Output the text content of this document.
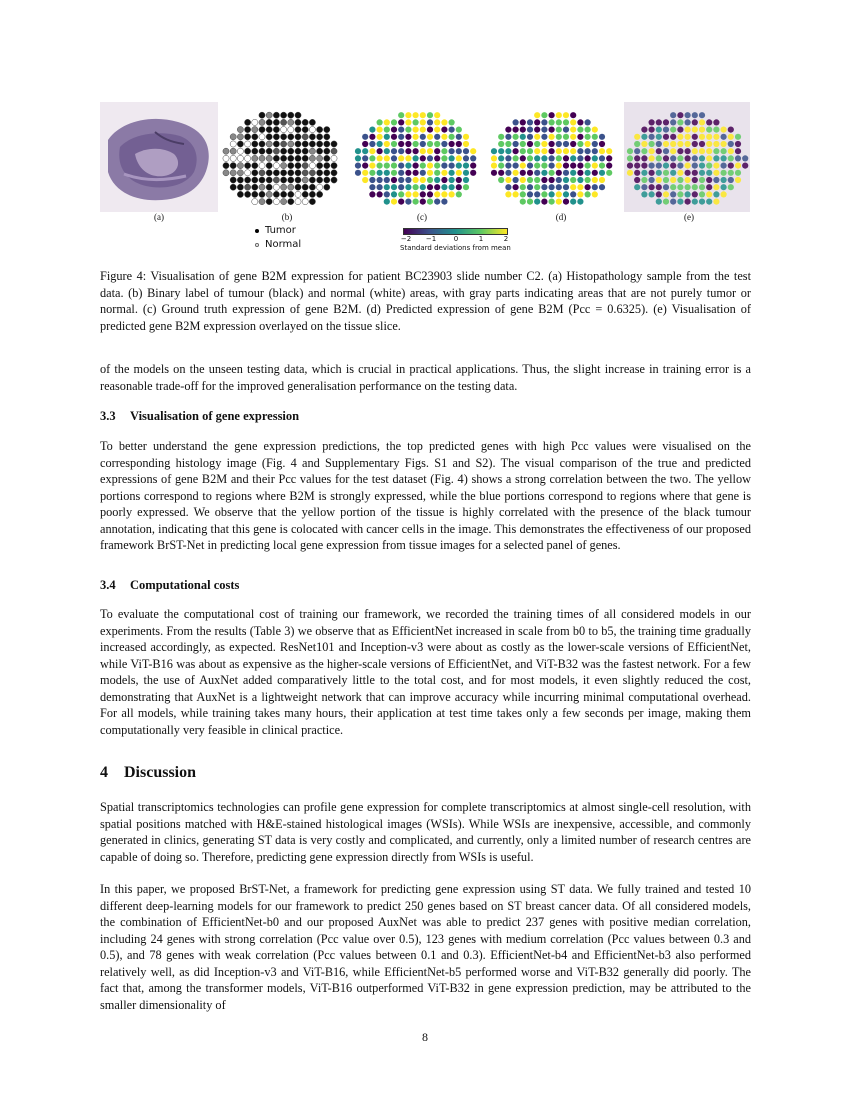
(a)	(b)	(c)	(d)	(e)
Tumor
Normal	−2 −1	0	1	2
Standard deviations from mean
Figure 4: Visualisation of gene B2M expression for patient BC23903 slide number C2. (a) Histopathology sample from the test data. (b) Binary label of tumour (black) and normal (white) areas, with gray parts indicating areas that are not purely tumor or normal. (c) Ground truth expression of gene B2M. (d) Predicted expression of gene B2M (Pcc = 0.6325). (e) Visualisation of predicted gene B2M expression overlayed on the tissue slice.

of the models on the unseen testing data, which is crucial in practical applications. Thus, the slight increase in training error is a reasonable trade-off for the improved generalisation performance on the testing data.

3.3 Visualisation of gene expression

To better understand the gene expression predictions, the top predicted genes with high Pcc values were visualised on the corresponding histology image (Fig. 4 and Supplementary Figs. S1 and S2). The visual comparison of the true and predicted expressions of gene B2M and their Pcc values for the test dataset (Fig. 4) shows a strong correlation between the two. The yellow portions correspond to regions where B2M is strongly expressed, while the blue portions correspond to regions where that gene is poorly expressed. We observe that the yellow portion of the tissue is highly correlated with the presence of the black tumour annotation, indicating that this gene is colocated with cancer cells in the image. This demonstrates the effectiveness of our proposed framework BrST-Net in predicting local gene expression from tissue images for a selected panel of genes.

3.4 Computational costs

To evaluate the computational cost of training our framework, we recorded the training times of all considered models in our experiments. From the results (Table 3) we observe that as EfficientNet increased in scale from b0 to b5, the training time gradually increased accordingly, as expected. ResNet101 and Inception-v3 were about as costly as the lower-scale versions of EfficientNet, while ViT-B16 was about as expensive as the higher-scale versions of EfficientNet, and ViT-B32 was the fastest network. For a few models, the use of AuxNet added comparatively little to the total cost, and for most models, it even slightly reduced the cost, demonstrating that AuxNet is a lightweight network that can improve accuracy while incurring minimal computational overhead. For all models, while training takes many hours, their application at test time takes only a few seconds per image, making them computationally very feasible in clinical practice.

4 Discussion

Spatial transcriptomics technologies can profile gene expression for complete transcriptomics at almost single-cell resolution, with spatial positions matched with H&E-stained histological images (WSIs). While WSIs are inexpensive, accessible, and commonly generated in clinics, generating ST data is very costly and complicated, and currently, only a limited number of research centres are capable of doing so. Therefore, predicting gene expression directly from WSIs is useful.

In this paper, we proposed BrST-Net, a framework for predicting gene expression using ST data. We fully trained and tested 10 different deep-learning models for our framework to predict 250 genes based on ST breast cancer data. Of all considered models, the combination of EfficientNet-b0 and our proposed AuxNet was able to predict 237 genes with positive median correlation, including 24 genes with strong correlation (Pcc value over 0.5), 123 genes with medium correlation (Pcc values between 0.3 and 0.5), and 78 genes with weak correlation (Pcc values between 0.1 and 0.3). EfficientNet-b4 and EfficientNet-b3 also performed relatively well, as did Inception-v3 and ViT-B16, while EfficientNet-b5 performed worse and ViT-B32 generally did poorly. The fact that, among the transformer models, ViT-B16 outperformed ViT-B32 in gene expression prediction, may be attributed to the smaller dimensionality of

8
